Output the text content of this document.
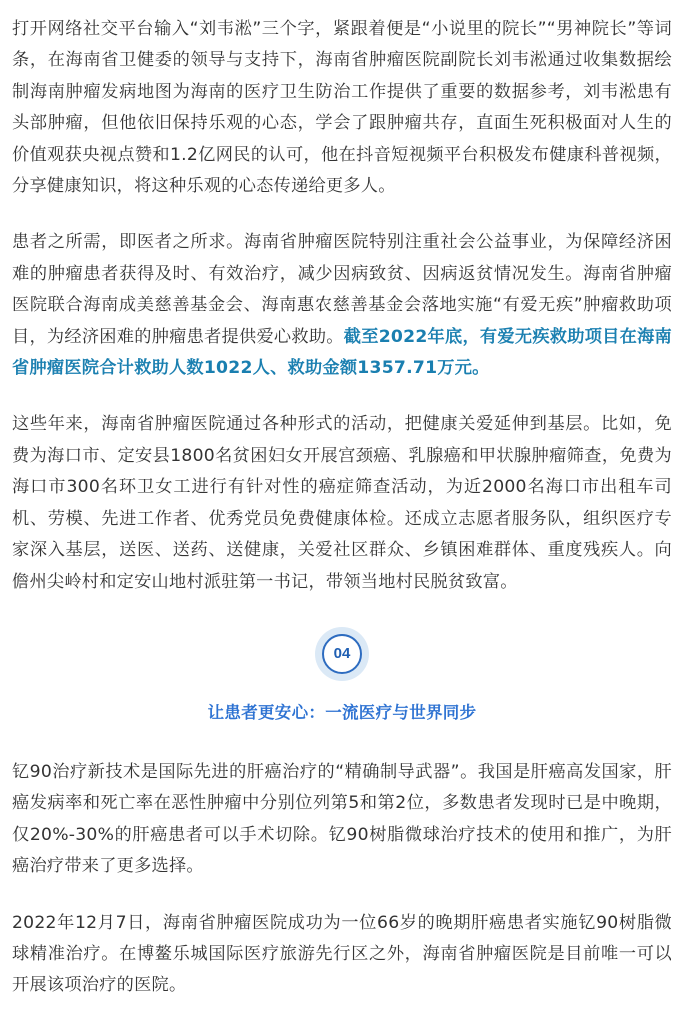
打开网络社交平台输入“刘韦淞”三个字，紧跟着便是“小说里的院长”“男神院长”等词条，在海南省卫健委的领导与支持下，海南省肿瘤医院副院长刘韦淞通过收集数据绘制海南肿瘤发病地图为海南的医疗卫生防治工作提供了重要的数据参考，刘韦淞患有头部肿瘤，但他依旧保持乐观的心态，学会了跟肿瘤共存，直面生死积极面对人生的价值观获央视点赞和1.2亿网民的认可，他在抖音短视频平台积极发布健康科普视频，分享健康知识，将这种乐观的心态传递给更多人。

患者之所需，即医者之所求。海南省肿瘤医院特别注重社会公益事业，为保障经济困难的肿瘤患者获得及时、有效治疗，减少因病致贫、因病返贫情况发生。海南省肿瘤医院联合海南成美慈善基金会、海南惠农慈善基金会落地实施“有爱无疾”肿瘤救助项目，为经济困难的肿瘤患者提供爱心救助。截至2022年底，有爱无疾救助项目在海南省肿瘤医院合计救助人数1022人、救助金额1357.71万元。

这些年来，海南省肿瘤医院通过各种形式的活动，把健康关爱延伸到基层。比如，免费为海口市、定安县1800名贫困妇女开展宫颈癌、乳腺癌和甲状腺肿瘤筛查，免费为海口市300名环卫女工进行有针对性的癌症筛查活动，为近2000名海口市出租车司机、劳模、先进工作者、优秀党员免费健康体检。还成立志愿者服务队，组织医疗专家深入基层，送医、送药、送健康，关爱社区群众、乡镇困难群体、重度残疾人。向儋州尖岭村和定安山地村派驻第一书记，带领当地村民脱贫致富。

04
让患者更安心：一流医疗与世界同步

钇90治疗新技术是国际先进的肝癌治疗的“精确制导武器”。我国是肝癌高发国家，肝癌发病率和死亡率在恶性肿瘤中分别位列第5和第2位，多数患者发现时已是中晚期，仅20%-30%的肝癌患者可以手术切除。钇90树脂微球治疗技术的使用和推广，为肝癌治疗带来了更多选择。

2022年12月7日，海南省肿瘤医院成功为一位66岁的晚期肝癌患者实施钇90树脂微球精准治疗。在博鳌乐城国际医疗旅游先行区之外，海南省肿瘤医院是目前唯一可以开展该项治疗的医院。
